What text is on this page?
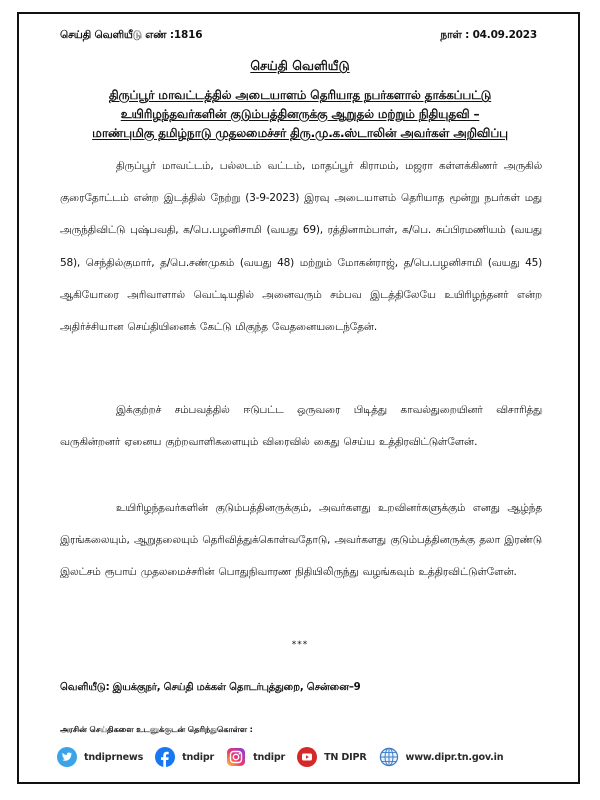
செய்தி வெளியீடு எண் :1816	நாள் : 04.09.2023
செய்தி வெளியீடு
திருப்பூர் மாவட்டத்தில் அடையாளம் தெரியாத நபர்களால் தாக்கப்பட்டு
உயிரிழந்தவர்களின் குடும்பத்தினருக்கு ஆறுதல் மற்றும் நிதியுதவி –
மாண்புமிகு தமிழ்நாடு முதலமைச்சர் திரு.மு.க.ஸ்டாலின் அவர்கள் அறிவிப்பு

திருப்பூர் மாவட்டம், பல்லடம் வட்டம், மாதப்பூர் கிராமம், மஜரா கள்ளக்கிணர் அருகில் குரைதோட்டம் என்ற இடத்தில் நேற்று (3-9-2023) இரவு அடையாளம் தெரியாத மூன்று நபர்கள் மது அருந்திவிட்டு புஷ்பவதி, க/பெ.பழனிசாமி (வயது 69), ரத்தினாம்பாள், க/பெ. சுப்பிரமணியம் (வயது 58), செந்தில்குமார், த/பெ.சண்முகம் (வயது 48) மற்றும் மோகன்ராஜ், த/பெ.பழனிசாமி (வயது 45) ஆகியோரை அரிவாளால் வெட்டியதில் அனைவரும் சம்பவ இடத்திலேயே உயிரிழந்தனர் என்ற அதிர்ச்சியான செய்தியினைக் கேட்டு மிகுந்த வேதனையடைந்தேன்.

இக்குற்றச் சம்பவத்தில் ஈடுபட்ட ஒருவரை பிடித்து காவல்துறையினர் விசாரித்து வருகின்றனர் ஏனைய குற்றவாளிகளையும் விரைவில் கைது செய்ய உத்திரவிட்டுள்ளேன்.

உயிரிழந்தவர்களின் குடும்பத்தினருக்கும், அவர்களது உறவினர்களுக்கும் எனது ஆழ்ந்த இரங்கலையும், ஆறுதலையும் தெரிவித்துக்கொள்வதோடு, அவர்களது குடும்பத்தினருக்கு தலா இரண்டு இலட்சம் ரூபாய் முதலமைச்சரின் பொதுநிவாரண நிதியிலிருந்து வழங்கவும் உத்திரவிட்டுள்ளேன்.

***
வெளியீடு: இயக்குநர், செய்தி மக்கள் தொடர்புத்துறை, சென்னை–9
அரசின் செய்திகளை உடனுக்குடன் தெரிந்துகொள்ள :
tndiprnews	tndipr	tndipr	TN DIPR	www.dipr.tn.gov.in
